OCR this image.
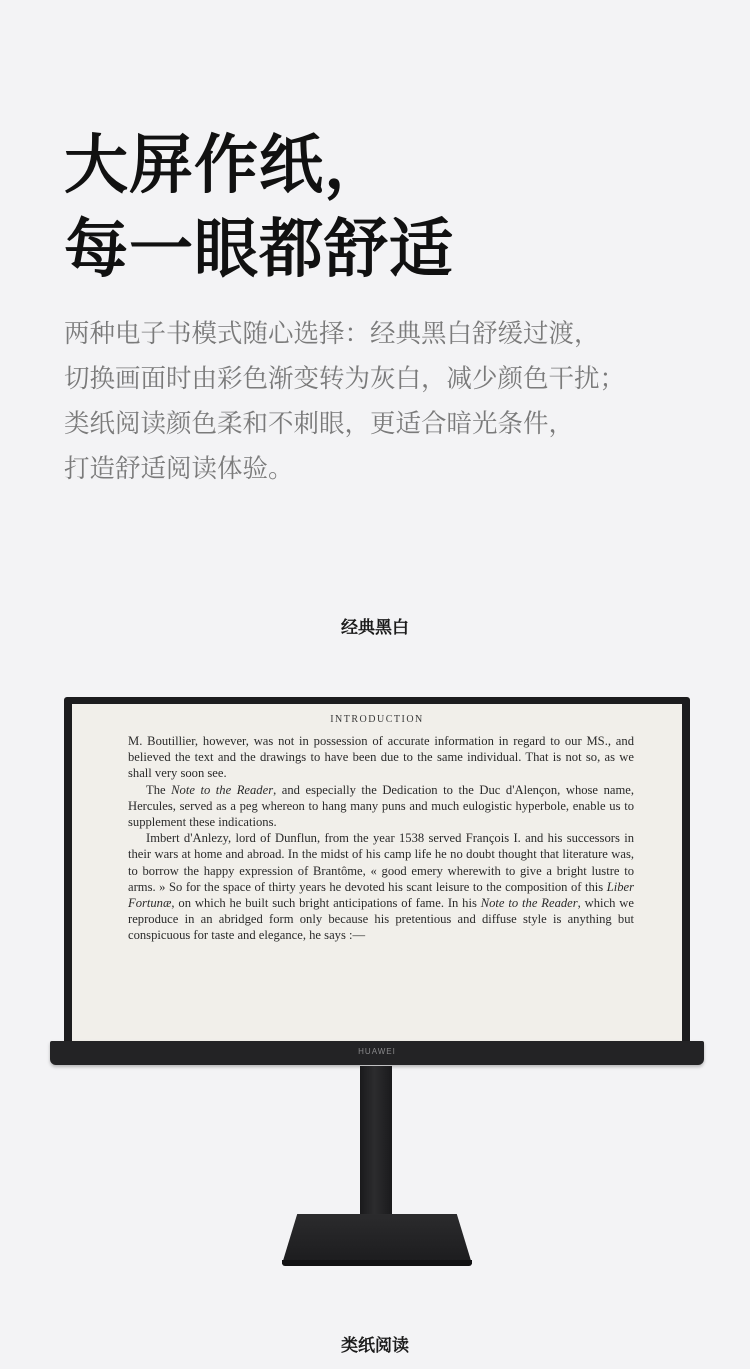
大屏作纸，
每一眼都舒适

两种电子书模式随心选择：经典黑白舒缓过渡，
切换画面时由彩色渐变转为灰白，减少颜色干扰；
类纸阅读颜色柔和不刺眼，更适合暗光条件，
打造舒适阅读体验。

经典黑白
INTRODUCTION

M. Boutillier, however, was not in possession of accurate information in regard to our MS., and believed the text and the drawings to have been due to the same individual. That is not so, as we shall very soon see.

The Note to the Reader, and especially the Dedication to the Duc d'Alençon, whose name, Hercules, served as a peg whereon to hang many puns and much eulogistic hyperbole, enable us to supplement these indications.

Imbert d'Anlezy, lord of Dunflun, from the year 1538 served François I. and his successors in their wars at home and abroad. In the midst of his camp life he no doubt thought that literature was, to borrow the happy expression of Brantôme, « good emery wherewith to give a bright lustre to arms. » So for the space of thirty years he devoted his scant leisure to the composition of this Liber Fortunæ, on which he built such bright anticipations of fame. In his Note to the Reader, which we reproduce in an abridged form only because his pretentious and diffuse style is anything but conspicuous for taste and elegance, he says :—

HUAWEI
类纸阅读
